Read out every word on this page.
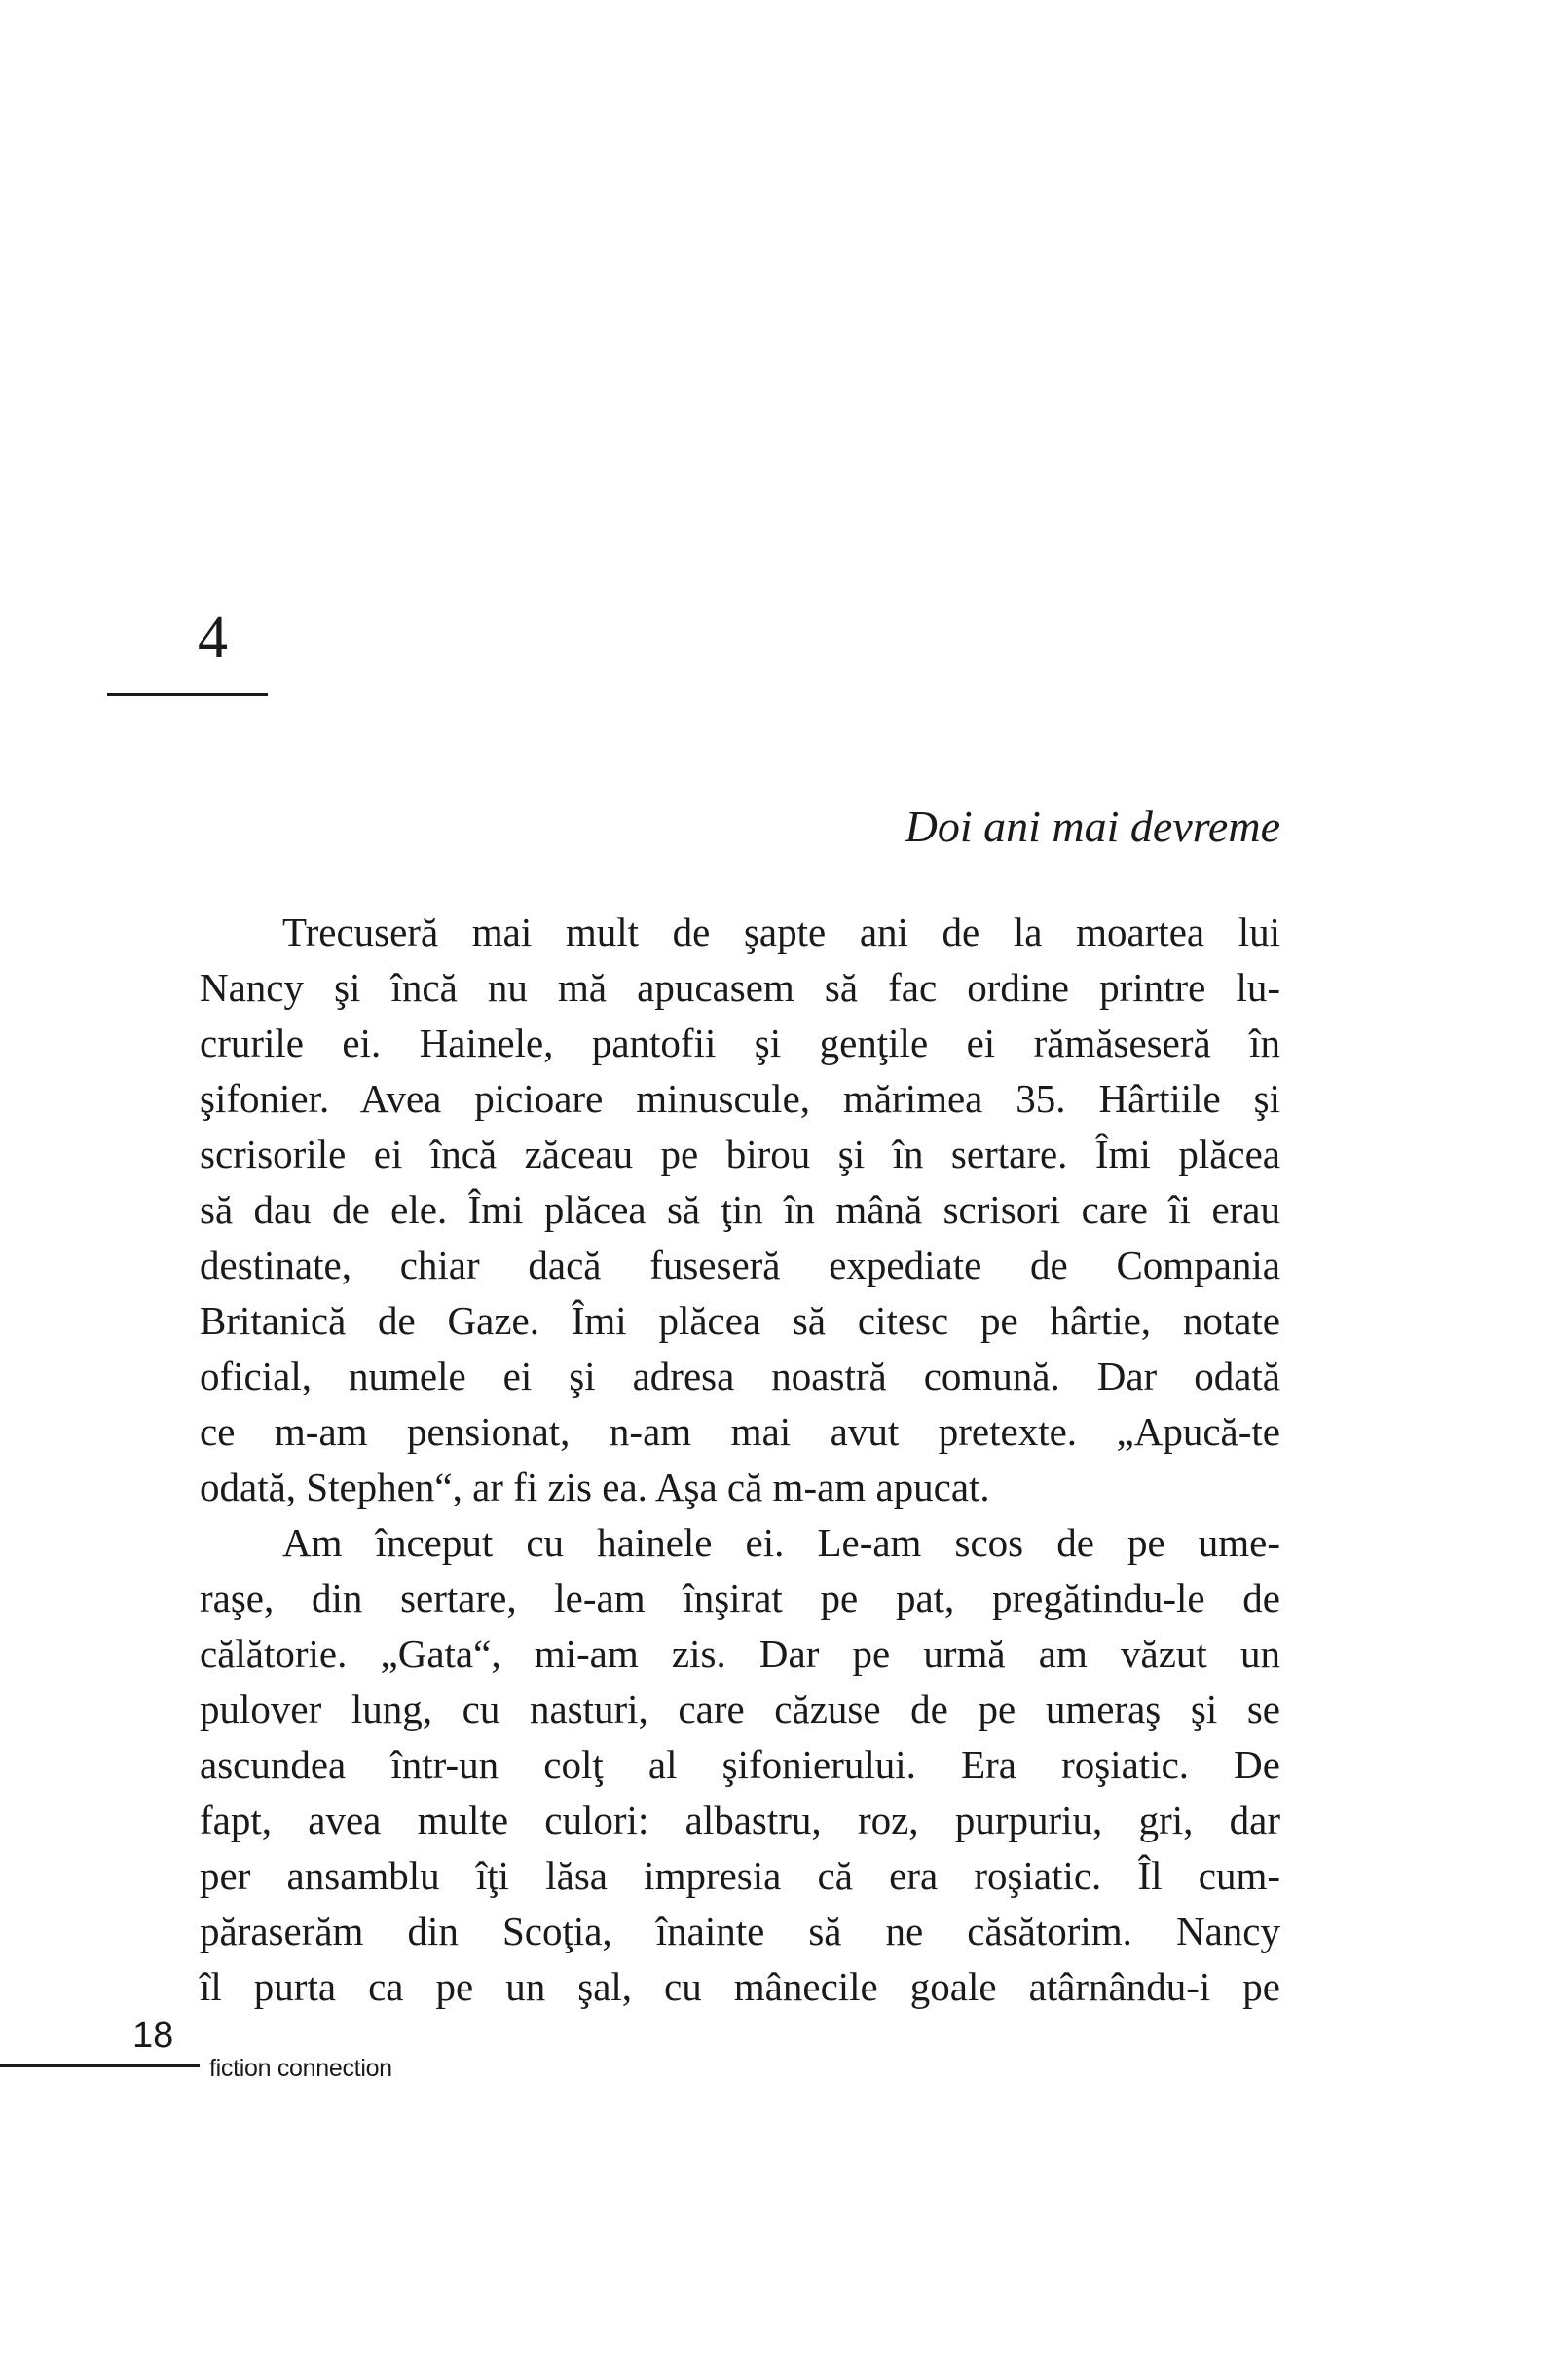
4
Doi ani mai devreme
Trecuseră mai mult de şapte ani de la moartea lui
Nancy şi încă nu mă apucasem să fac ordine printre lu-
crurile ei. Hainele, pantofii şi genţile ei rămăseseră în
şifonier. Avea picioare minuscule, mărimea 35. Hârtiile şi
scrisorile ei încă zăceau pe birou şi în sertare. Îmi plăcea
să dau de ele. Îmi plăcea să ţin în mână scrisori care îi erau
destinate, chiar dacă fuseseră expediate de Compania
Britanică de Gaze. Îmi plăcea să citesc pe hârtie, notate
oficial, numele ei şi adresa noastră comună. Dar odată
ce m-am pensionat, n-am mai avut pretexte. „Apucă-te
odată, Stephen“, ar fi zis ea. Aşa că m-am apucat.
Am început cu hainele ei. Le-am scos de pe ume-
raşe, din sertare, le-am înşirat pe pat, pregătindu-le de
călătorie. „Gata“, mi-am zis. Dar pe urmă am văzut un
pulover lung, cu nasturi, care căzuse de pe umeraş şi se
ascundea într-un colţ al şifonierului. Era roşiatic. De
fapt, avea multe culori: albastru, roz, purpuriu, gri, dar
per ansamblu îţi lăsa impresia că era roşiatic. Îl cum-
păraserăm din Scoţia, înainte să ne căsătorim. Nancy
îl purta ca pe un şal, cu mânecile goale atârnându-i pe
18
fiction connection
